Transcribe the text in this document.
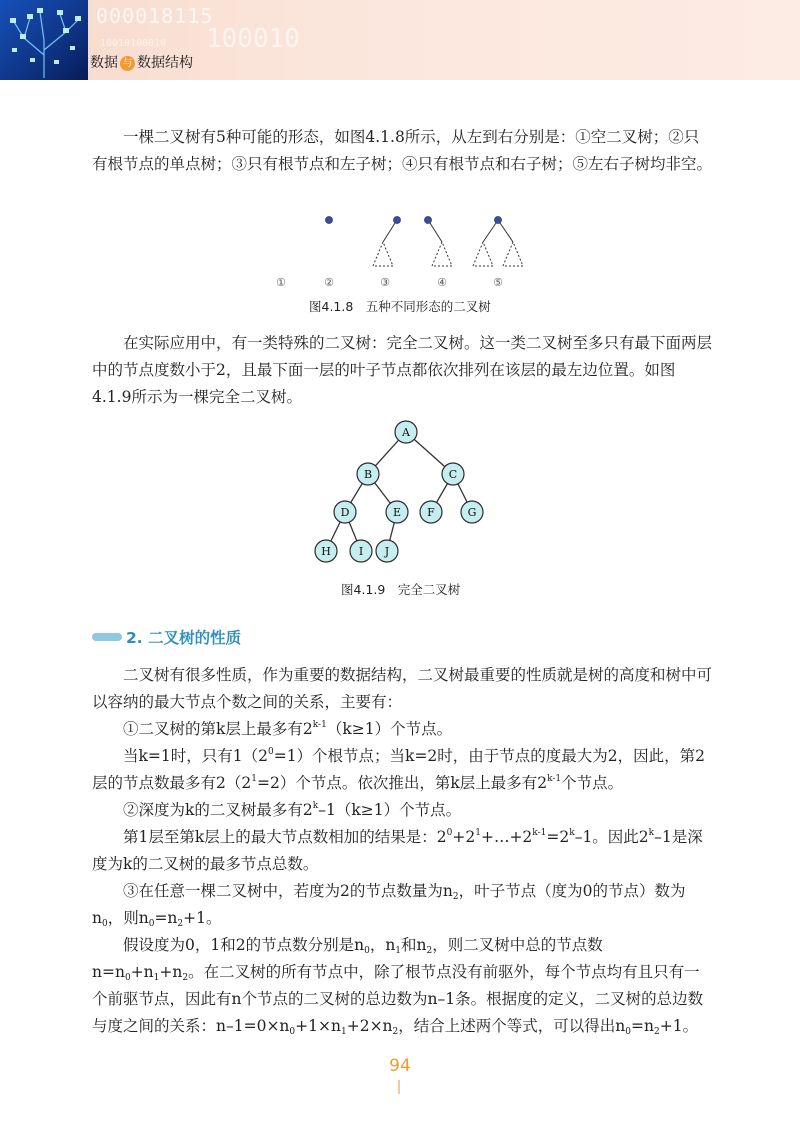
000018115
10010100010 100010
数据 与 数据结构

一棵二叉树有5种可能的形态，如图4.1.8所示，从左到右分别是：①空二叉树；②只有根节点的单点树；③只有根节点和左子树；④只有根节点和右子树；⑤左右子树均非空。

①	②	③	④	⑤
图4.1.8　五种不同形态的二叉树

在实际应用中，有一类特殊的二叉树：完全二叉树。这一类二叉树至多只有最下面两层中的节点度数小于2，且最下面一层的叶子节点都依次排列在该层的最左边位置。如图4.1.9所示为一棵完全二叉树。

A
B	C
D	E F	G
H	I J
图4.1.9　完全二叉树
2. 二叉树的性质

二叉树有很多性质，作为重要的数据结构，二叉树最重要的性质就是树的高度和树中可以容纳的最大节点个数之间的关系，主要有：

①二叉树的第k层上最多有$2^{k-1}(k\ge 1)$个节点。

当k=1时，只有$1(2^0=1)$个根节点；当k=2时，由于节点的度最大为2，因此，第2层的节点数最多有$2(2^1=2)$个节点。依次推出，第k层上最多有2$^{k-1}$个节点。

②深度为k的二叉树最多有$2^k-1(k\ge 1)$个节点。

第1层至第k层上的最大节点数相加的结果是：$2^0+2^1+\dots+2^{k-1}=2^k-1$。因此2$^k$–1是深度为k的二叉树的最多节点总数。

③在任意一棵二叉树中，若度为2的节点数量为$n_2$，叶子节点（度为0的节点）数为$n_0$，则$n_0=n_2+1$。

假设度为0，1和2的节点数分别是$n_0$，$n_1$和$n_2$，则二叉树中总的节点数$n=n_0+n_1+n_2$。在二叉树的所有节点中，除了根节点没有前驱外，每个节点均有且只有一个前驱节点，因此有n个节点的二叉树的总边数为n–1条。根据度的定义，二叉树的总边数与度之间的关系：$n-1=0\times n_0+1\times n_1+2\times n_2$，结合上述两个等式，可以得出$n_0=n_2+1$。

94
